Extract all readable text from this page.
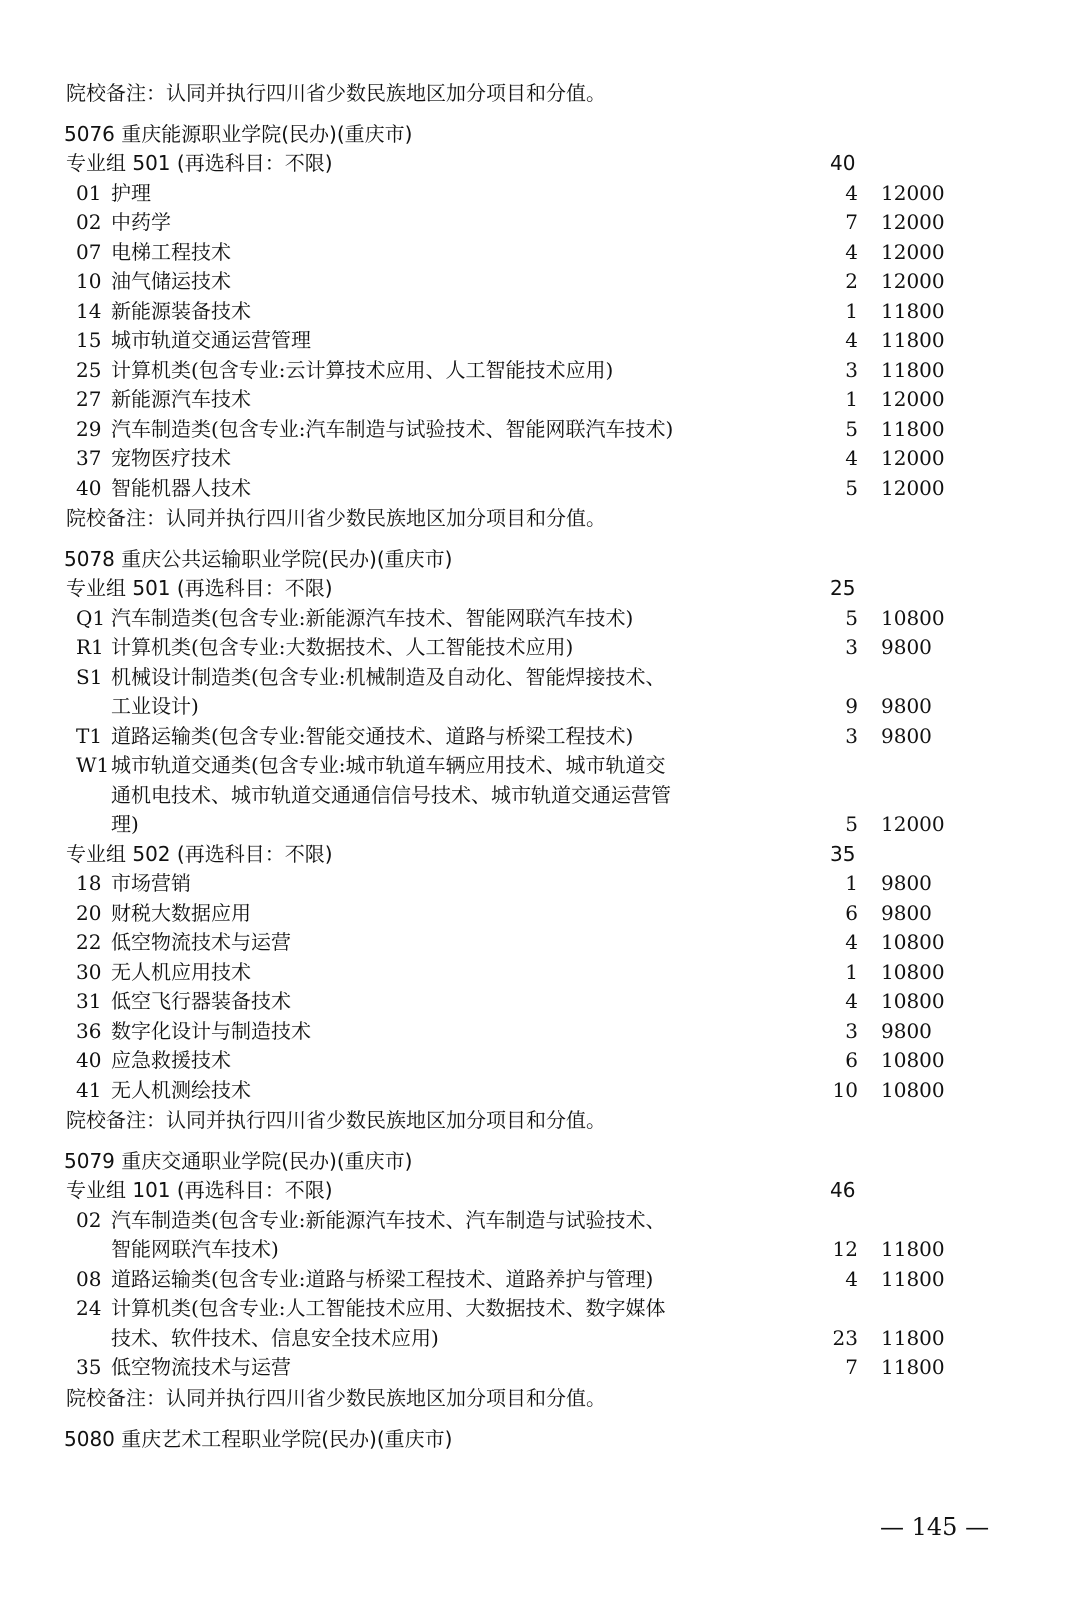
院校备注：认同并执行四川省少数民族地区加分项目和分值。
5076 重庆能源职业学院(民办)(重庆市)
专业组 501 (再选科目：不限)	40
01 护理	4 12000
02 中药学	7 12000
07 电梯工程技术	4 12000
10 油气储运技术	2 12000
14 新能源装备技术	1 11800
15 城市轨道交通运营管理	4 11800
25 计算机类(包含专业:云计算技术应用、人工智能技术应用)	3 11800
27 新能源汽车技术	1 12000
29 汽车制造类(包含专业:汽车制造与试验技术、智能网联汽车技术)	5 11800
37 宠物医疗技术	4 12000
40 智能机器人技术	5 12000
院校备注：认同并执行四川省少数民族地区加分项目和分值。
5078 重庆公共运输职业学院(民办)(重庆市)
专业组 501 (再选科目：不限)	25
Q1 汽车制造类(包含专业:新能源汽车技术、智能网联汽车技术)	5 10800
R1 计算机类(包含专业:大数据技术、人工智能技术应用)	3 9800
S1 机械设计制造类(包含专业:机械制造及自动化、智能焊接技术、
工业设计)	9 9800
T1 道路运输类(包含专业:智能交通技术、道路与桥梁工程技术)	3 9800
W1 城市轨道交通类(包含专业:城市轨道车辆应用技术、城市轨道交
通机电技术、城市轨道交通通信信号技术、城市轨道交通运营管
理)	5 12000
专业组 502 (再选科目：不限)	35
18 市场营销	1 9800
20 财税大数据应用	6 9800
22 低空物流技术与运营	4 10800
30 无人机应用技术	1 10800
31 低空飞行器装备技术	4 10800
36 数字化设计与制造技术	3 9800
40 应急救援技术	6 10800
41 无人机测绘技术	10 10800
院校备注：认同并执行四川省少数民族地区加分项目和分值。
5079 重庆交通职业学院(民办)(重庆市)
专业组 101 (再选科目：不限)	46
02 汽车制造类(包含专业:新能源汽车技术、汽车制造与试验技术、
智能网联汽车技术)	12 11800
08 道路运输类(包含专业:道路与桥梁工程技术、道路养护与管理)	4 11800
24 计算机类(包含专业:人工智能技术应用、大数据技术、数字媒体
技术、软件技术、信息安全技术应用)	23 11800
35 低空物流技术与运营	7 11800
院校备注：认同并执行四川省少数民族地区加分项目和分值。
5080 重庆艺术工程职业学院(民办)(重庆市)
— 145 —
